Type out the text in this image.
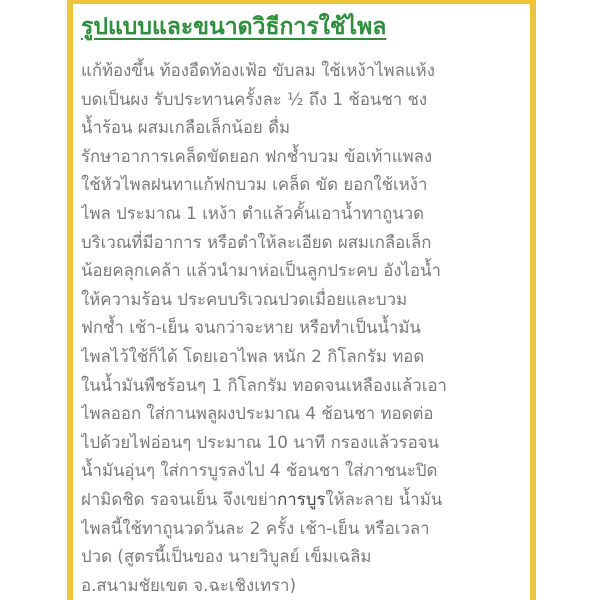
รูปแบบและขนาดวิธีการใช้ไพล
แก้ท้องขึ้น ท้องอืดท้องเฟ้อ ขับลม ใช้เหง้าไพลแห้ง
บดเป็นผง รับประทานครั้งละ ½ ถึง 1 ช้อนชา ชง
น้ำร้อน ผสมเกลือเล็กน้อย ดื่ม
รักษาอาการเคล็ดขัดยอก ฟกช้ำบวม ข้อเท้าแพลง
ใช้หัวไพลฝนทาแก้ฟกบวม เคล็ด ขัด ยอกใช้เหง้า
ไพล ประมาณ 1 เหง้า ตำแล้วคั้นเอาน้ำทาถูนวด
บริเวณที่มีอาการ หรือตำให้ละเอียด ผสมเกลือเล็ก
น้อยคลุกเคล้า แล้วนำมาห่อเป็นลูกประคบ อังไอน้ำ
ให้ความร้อน ประคบบริเวณปวดเมื่อยและบวม
ฟกช้ำ เช้า-เย็น จนกว่าจะหาย หรือทำเป็นน้ำมัน
ไพลไว้ใช้ก็ได้ โดยเอาไพล หนัก 2 กิโลกรัม ทอด
ในน้ำมันพืชร้อนๆ 1 กิโลกรัม ทอดจนเหลืองแล้วเอา
ไพลออก ใส่กานพลูผงประมาณ 4 ช้อนชา ทอดต่อ
ไปด้วยไฟอ่อนๆ ประมาณ 10 นาที กรองแล้วรอจน
น้ำมันอุ่นๆ ใส่การบูรลงไป 4 ช้อนชา ใส่ภาชนะปิด
ฝามิดชิด รอจนเย็น จึงเขย่าการบูรให้ละลาย น้ำมัน
ไพลนี้ใช้ทาถูนวดวันละ 2 ครั้ง เช้า-เย็น หรือเวลา
ปวด (สูตรนี้เป็นของ นายวิบูลย์ เข็มเฉลิม
อ.สนามชัยเขต จ.ฉะเชิงเทรา)
